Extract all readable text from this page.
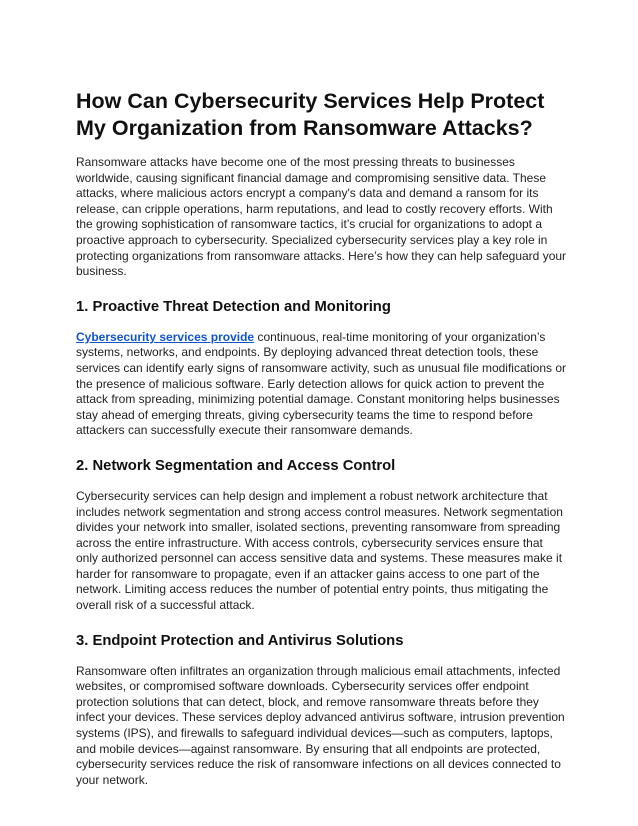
How Can Cybersecurity Services Help Protect My Organization from Ransomware Attacks?

Ransomware attacks have become one of the most pressing threats to businesses worldwide, causing significant financial damage and compromising sensitive data. These attacks, where malicious actors encrypt a company's data and demand a ransom for its release, can cripple operations, harm reputations, and lead to costly recovery efforts. With the growing sophistication of ransomware tactics, it’s crucial for organizations to adopt a proactive approach to cybersecurity. Specialized cybersecurity services play a key role in protecting organizations from ransomware attacks. Here’s how they can help safeguard your business.

1. Proactive Threat Detection and Monitoring

Cybersecurity services provide continuous, real-time monitoring of your organization’s systems, networks, and endpoints. By deploying advanced threat detection tools, these services can identify early signs of ransomware activity, such as unusual file modifications or the presence of malicious software. Early detection allows for quick action to prevent the attack from spreading, minimizing potential damage. Constant monitoring helps businesses stay ahead of emerging threats, giving cybersecurity teams the time to respond before attackers can successfully execute their ransomware demands.

2. Network Segmentation and Access Control

Cybersecurity services can help design and implement a robust network architecture that includes network segmentation and strong access control measures. Network segmentation divides your network into smaller, isolated sections, preventing ransomware from spreading across the entire infrastructure. With access controls, cybersecurity services ensure that only authorized personnel can access sensitive data and systems. These measures make it harder for ransomware to propagate, even if an attacker gains access to one part of the network. Limiting access reduces the number of potential entry points, thus mitigating the overall risk of a successful attack.

3. Endpoint Protection and Antivirus Solutions

Ransomware often infiltrates an organization through malicious email attachments, infected websites, or compromised software downloads. Cybersecurity services offer endpoint protection solutions that can detect, block, and remove ransomware threats before they infect your devices. These services deploy advanced antivirus software, intrusion prevention systems (IPS), and firewalls to safeguard individual devices—such as computers, laptops, and mobile devices—against ransomware. By ensuring that all endpoints are protected, cybersecurity services reduce the risk of ransomware infections on all devices connected to your network.
